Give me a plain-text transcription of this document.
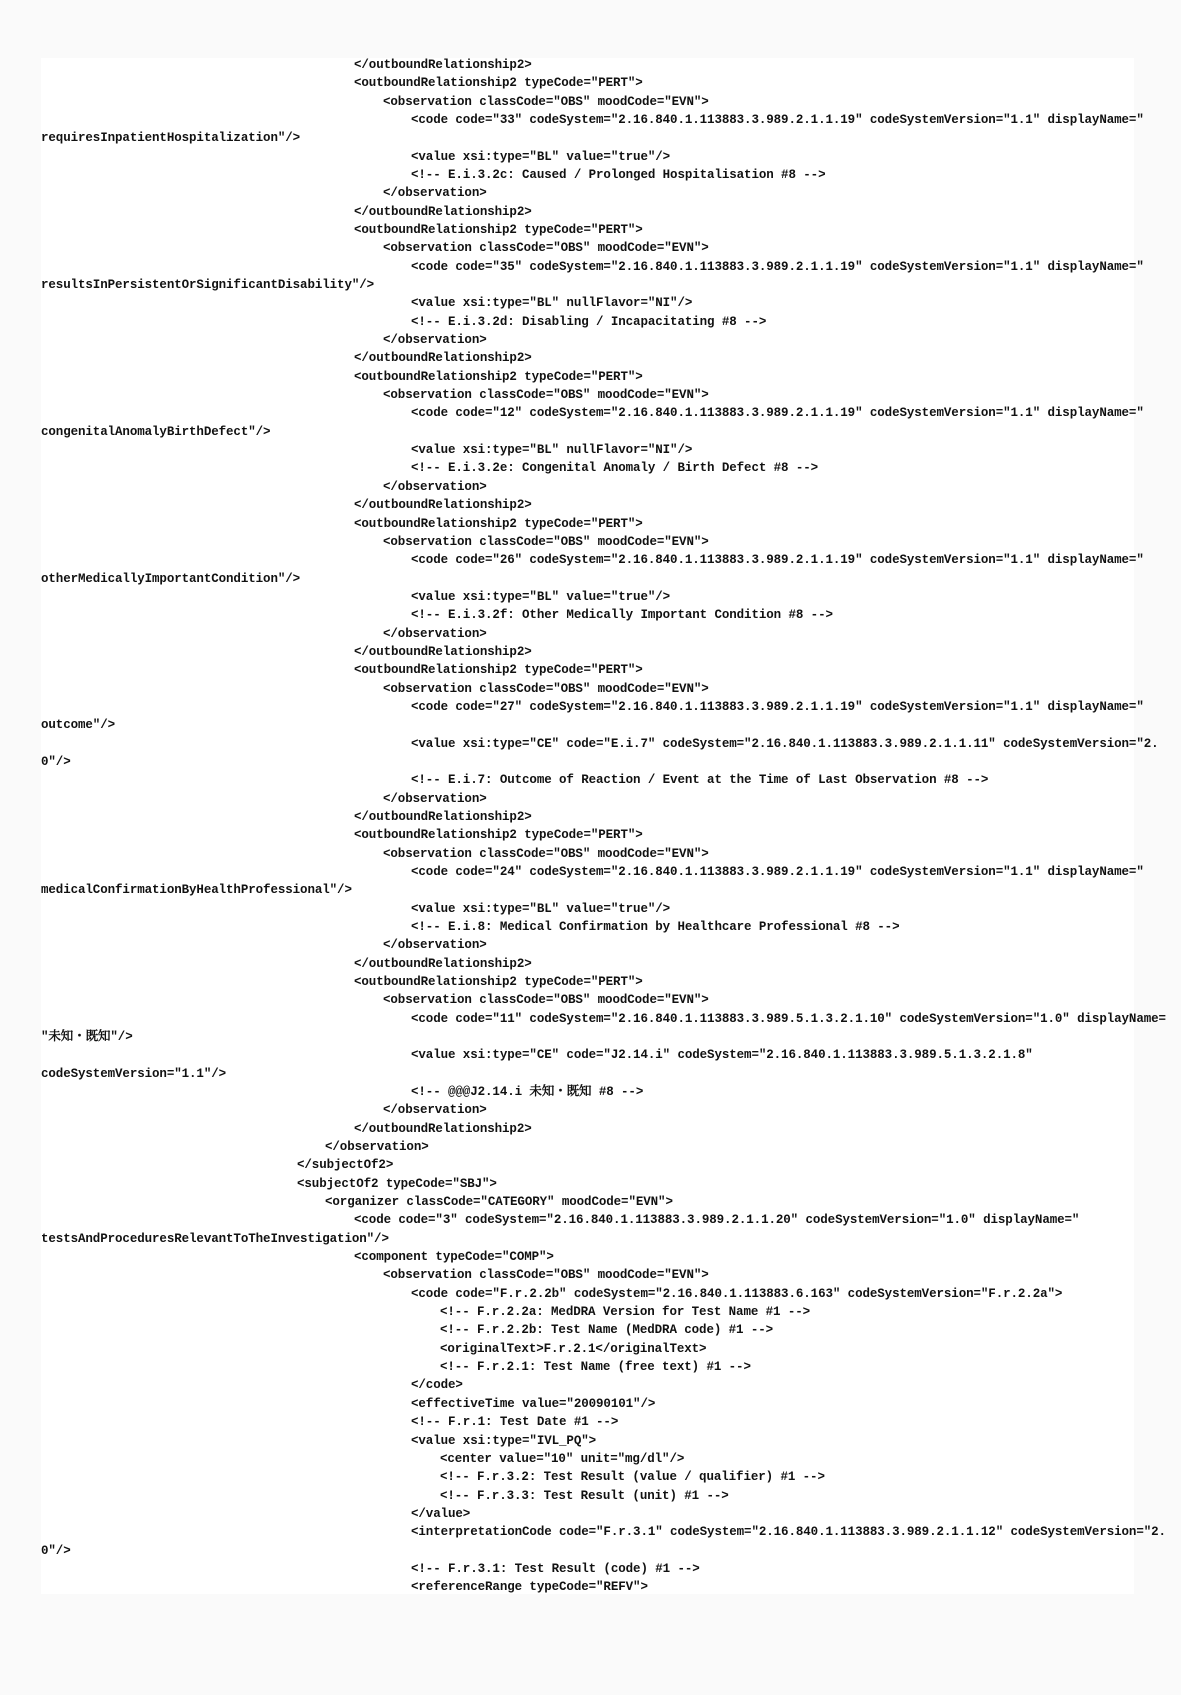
</outboundRelationship2>
<outboundRelationship2 typeCode="PERT">
<observation classCode="OBS" moodCode="EVN">
<code code="33" codeSystem="2.16.840.1.113883.3.989.2.1.1.19" codeSystemVersion="1.1" displayName="
requiresInpatientHospitalization"/>
<value xsi:type="BL" value="true"/>
<!-- E.i.3.2c: Caused / Prolonged Hospitalisation #8 -->
</observation>
</outboundRelationship2>
<outboundRelationship2 typeCode="PERT">
<observation classCode="OBS" moodCode="EVN">
<code code="35" codeSystem="2.16.840.1.113883.3.989.2.1.1.19" codeSystemVersion="1.1" displayName="
resultsInPersistentOrSignificantDisability"/>
<value xsi:type="BL" nullFlavor="NI"/>
<!-- E.i.3.2d: Disabling / Incapacitating #8 -->
</observation>
</outboundRelationship2>
<outboundRelationship2 typeCode="PERT">
<observation classCode="OBS" moodCode="EVN">
<code code="12" codeSystem="2.16.840.1.113883.3.989.2.1.1.19" codeSystemVersion="1.1" displayName="
congenitalAnomalyBirthDefect"/>
<value xsi:type="BL" nullFlavor="NI"/>
<!-- E.i.3.2e: Congenital Anomaly / Birth Defect #8 -->
</observation>
</outboundRelationship2>
<outboundRelationship2 typeCode="PERT">
<observation classCode="OBS" moodCode="EVN">
<code code="26" codeSystem="2.16.840.1.113883.3.989.2.1.1.19" codeSystemVersion="1.1" displayName="
otherMedicallyImportantCondition"/>
<value xsi:type="BL" value="true"/>
<!-- E.i.3.2f: Other Medically Important Condition #8 -->
</observation>
</outboundRelationship2>
<outboundRelationship2 typeCode="PERT">
<observation classCode="OBS" moodCode="EVN">
<code code="27" codeSystem="2.16.840.1.113883.3.989.2.1.1.19" codeSystemVersion="1.1" displayName="
outcome"/>
<value xsi:type="CE" code="E.i.7" codeSystem="2.16.840.1.113883.3.989.2.1.1.11" codeSystemVersion="2.
0"/>
<!-- E.i.7: Outcome of Reaction / Event at the Time of Last Observation #8 -->
</observation>
</outboundRelationship2>
<outboundRelationship2 typeCode="PERT">
<observation classCode="OBS" moodCode="EVN">
<code code="24" codeSystem="2.16.840.1.113883.3.989.2.1.1.19" codeSystemVersion="1.1" displayName="
medicalConfirmationByHealthProfessional"/>
<value xsi:type="BL" value="true"/>
<!-- E.i.8: Medical Confirmation by Healthcare Professional #8 -->
</observation>
</outboundRelationship2>
<outboundRelationship2 typeCode="PERT">
<observation classCode="OBS" moodCode="EVN">
<code code="11" codeSystem="2.16.840.1.113883.3.989.5.1.3.2.1.10" codeSystemVersion="1.0" displayName=
"未知・既知"/>
<value xsi:type="CE" code="J2.14.i" codeSystem="2.16.840.1.113883.3.989.5.1.3.2.1.8"
codeSystemVersion="1.1"/>
<!-- @@@J2.14.i 未知・既知 #8 -->
</observation>
</outboundRelationship2>
</observation>
</subjectOf2>
<subjectOf2 typeCode="SBJ">
<organizer classCode="CATEGORY" moodCode="EVN">
<code code="3" codeSystem="2.16.840.1.113883.3.989.2.1.1.20" codeSystemVersion="1.0" displayName="
testsAndProceduresRelevantToTheInvestigation"/>
<component typeCode="COMP">
<observation classCode="OBS" moodCode="EVN">
<code code="F.r.2.2b" codeSystem="2.16.840.1.113883.6.163" codeSystemVersion="F.r.2.2a">
<!-- F.r.2.2a: MedDRA Version for Test Name #1 -->
<!-- F.r.2.2b: Test Name (MedDRA code) #1 -->
<originalText>F.r.2.1</originalText>
<!-- F.r.2.1: Test Name (free text) #1 -->
</code>
<effectiveTime value="20090101"/>
<!-- F.r.1: Test Date #1 -->
<value xsi:type="IVL_PQ">
<center value="10" unit="mg/dl"/>
<!-- F.r.3.2: Test Result (value / qualifier) #1 -->
<!-- F.r.3.3: Test Result (unit) #1 -->
</value>
<interpretationCode code="F.r.3.1" codeSystem="2.16.840.1.113883.3.989.2.1.1.12" codeSystemVersion="2.
0"/>
<!-- F.r.3.1: Test Result (code) #1 -->
<referenceRange typeCode="REFV">
